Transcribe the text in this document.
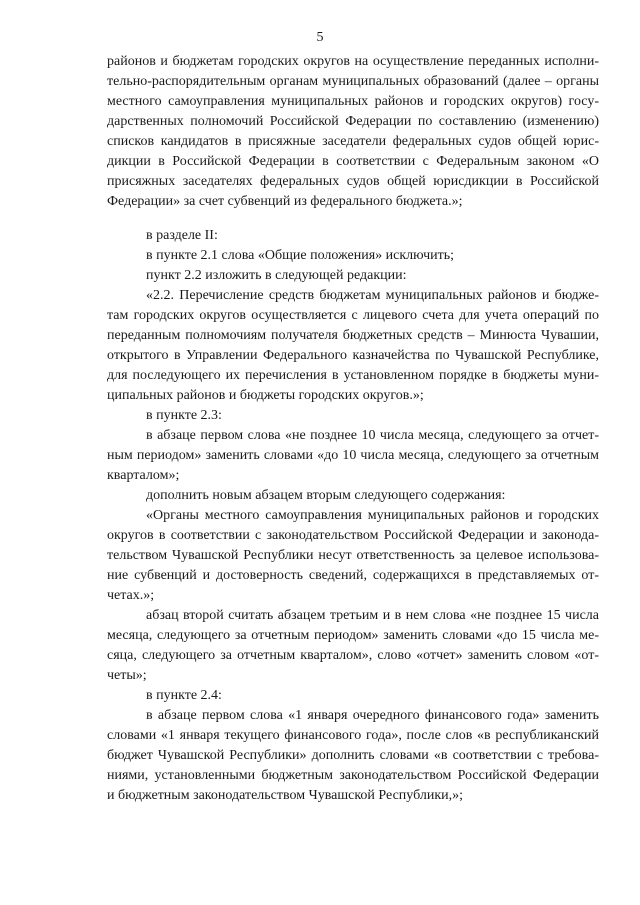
5
районов и бюджетам городских округов на осуществление переданных исполни-
тельно-распорядительным органам муниципальных образований (далее – органы
местного самоуправления муниципальных районов и городских округов) госу-
дарственных полномочий Российской Федерации по составлению (изменению)
списков кандидатов в присяжные заседатели федеральных судов общей юрис-
дикции в Российской Федерации в соответствии с Федеральным законом «О
присяжных заседателях федеральных судов общей юрисдикции в Российской
Федерации» за счет субвенций из федерального бюджета.»;
в разделе II:
в пункте 2.1 слова «Общие положения» исключить;
пункт 2.2 изложить в следующей редакции:
«2.2. Перечисление средств бюджетам муниципальных районов и бюдже-
там городских округов осуществляется с лицевого счета для учета операций по
переданным полномочиям получателя бюджетных средств – Минюста Чувашии,
открытого в Управлении Федерального казначейства по Чувашской Республике,
для последующего их перечисления в установленном порядке в бюджеты муни-
ципальных районов и бюджеты городских округов.»;
в пункте 2.3:
в абзаце первом слова «не позднее 10 числа месяца, следующего за отчет-
ным периодом» заменить словами «до 10 числа месяца, следующего за отчетным
кварталом»;
дополнить новым абзацем вторым следующего содержания:
«Органы местного самоуправления муниципальных районов и городских
округов в соответствии с законодательством Российской Федерации и законода-
тельством Чувашской Республики несут ответственность за целевое использова-
ние субвенций и достоверность сведений, содержащихся в представляемых от-
четах.»;
абзац второй считать абзацем третьим и в нем слова «не позднее 15 числа
месяца, следующего за отчетным периодом» заменить словами «до 15 числа ме-
сяца, следующего за отчетным кварталом», слово «отчет» заменить словом «от-
четы»;
в пункте 2.4:
в абзаце первом слова «1 января очередного финансового года» заменить
словами «1 января текущего финансового года», после слов «в республиканский
бюджет Чувашской Республики» дополнить словами «в соответствии с требова-
ниями, установленными бюджетным законодательством Российской Федерации
и бюджетным законодательством Чувашской Республики,»;
